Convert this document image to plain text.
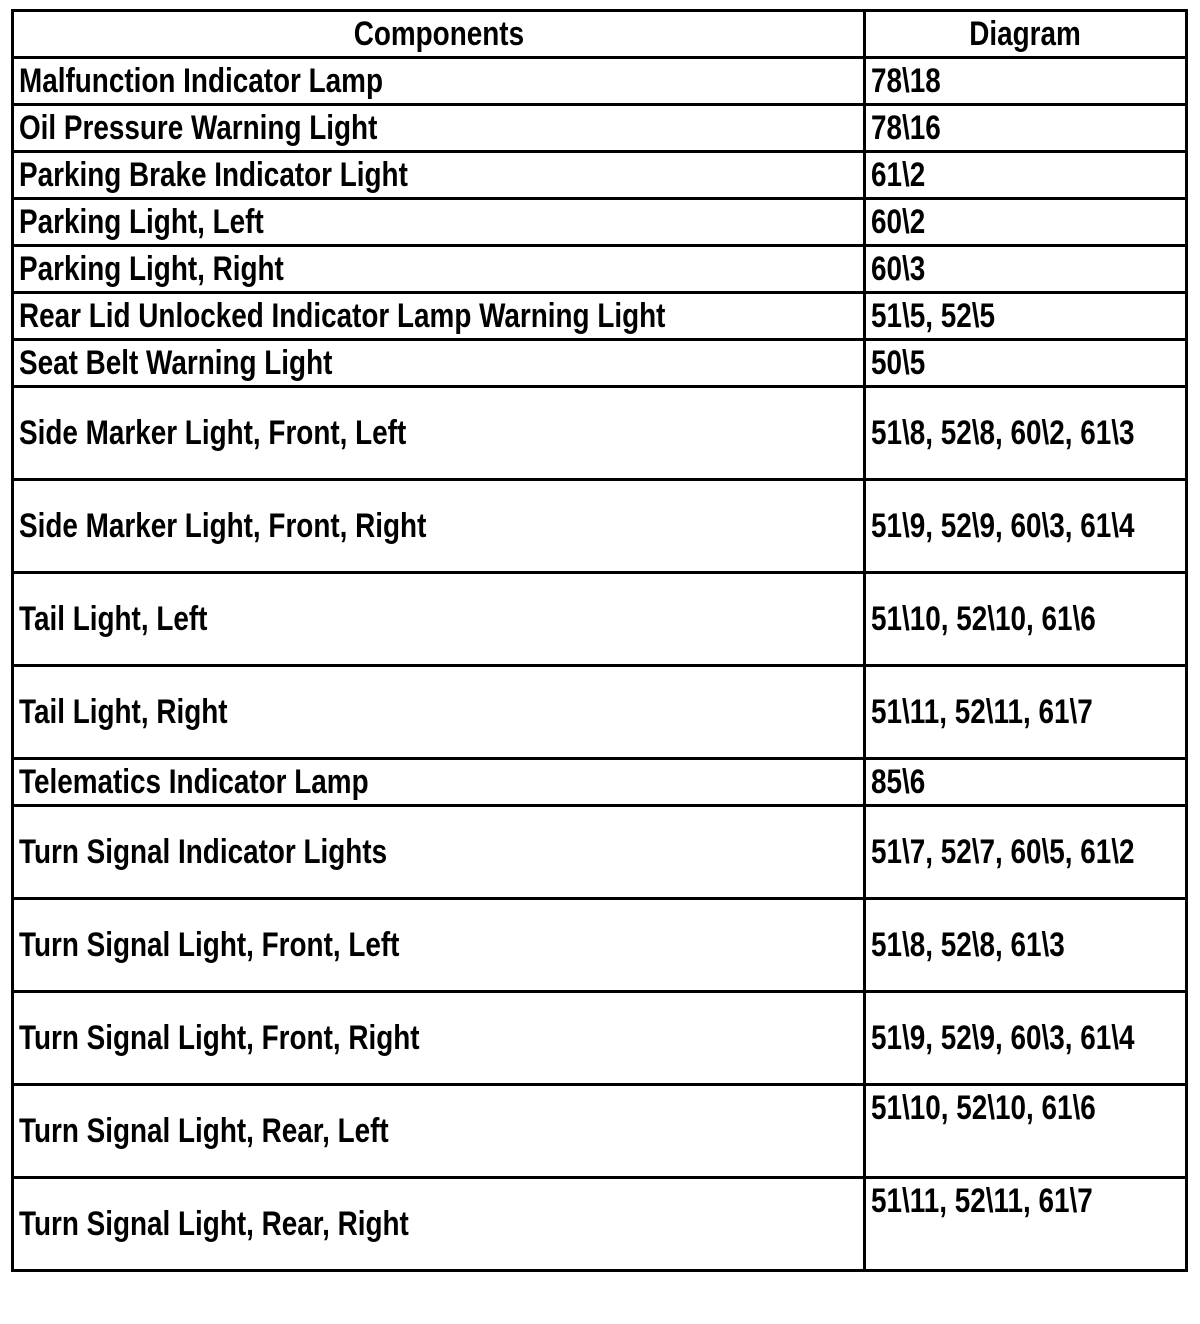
Components	Diagram
Malfunction Indicator Lamp	78\18
Oil Pressure Warning Light	78\16
Parking Brake Indicator Light	61\2
Parking Light, Left	60\2
Parking Light, Right	60\3
Rear Lid Unlocked Indicator Lamp Warning Light	51\5, 52\5
Seat Belt Warning Light	50\5
Side Marker Light, Front, Left	51\8, 52\8, 60\2, 61\3
Side Marker Light, Front, Right	51\9, 52\9, 60\3, 61\4
Tail Light, Left	51\10, 52\10, 61\6
Tail Light, Right	51\11, 52\11, 61\7
Telematics Indicator Lamp	85\6
Turn Signal Indicator Lights	51\7, 52\7, 60\5, 61\2
Turn Signal Light, Front, Left	51\8, 52\8, 61\3
Turn Signal Light, Front, Right	51\9, 52\9, 60\3, 61\4
Turn Signal Light, Rear, Left	51\10, 52\10, 61\6
Turn Signal Light, Rear, Right	51\11, 52\11, 61\7
